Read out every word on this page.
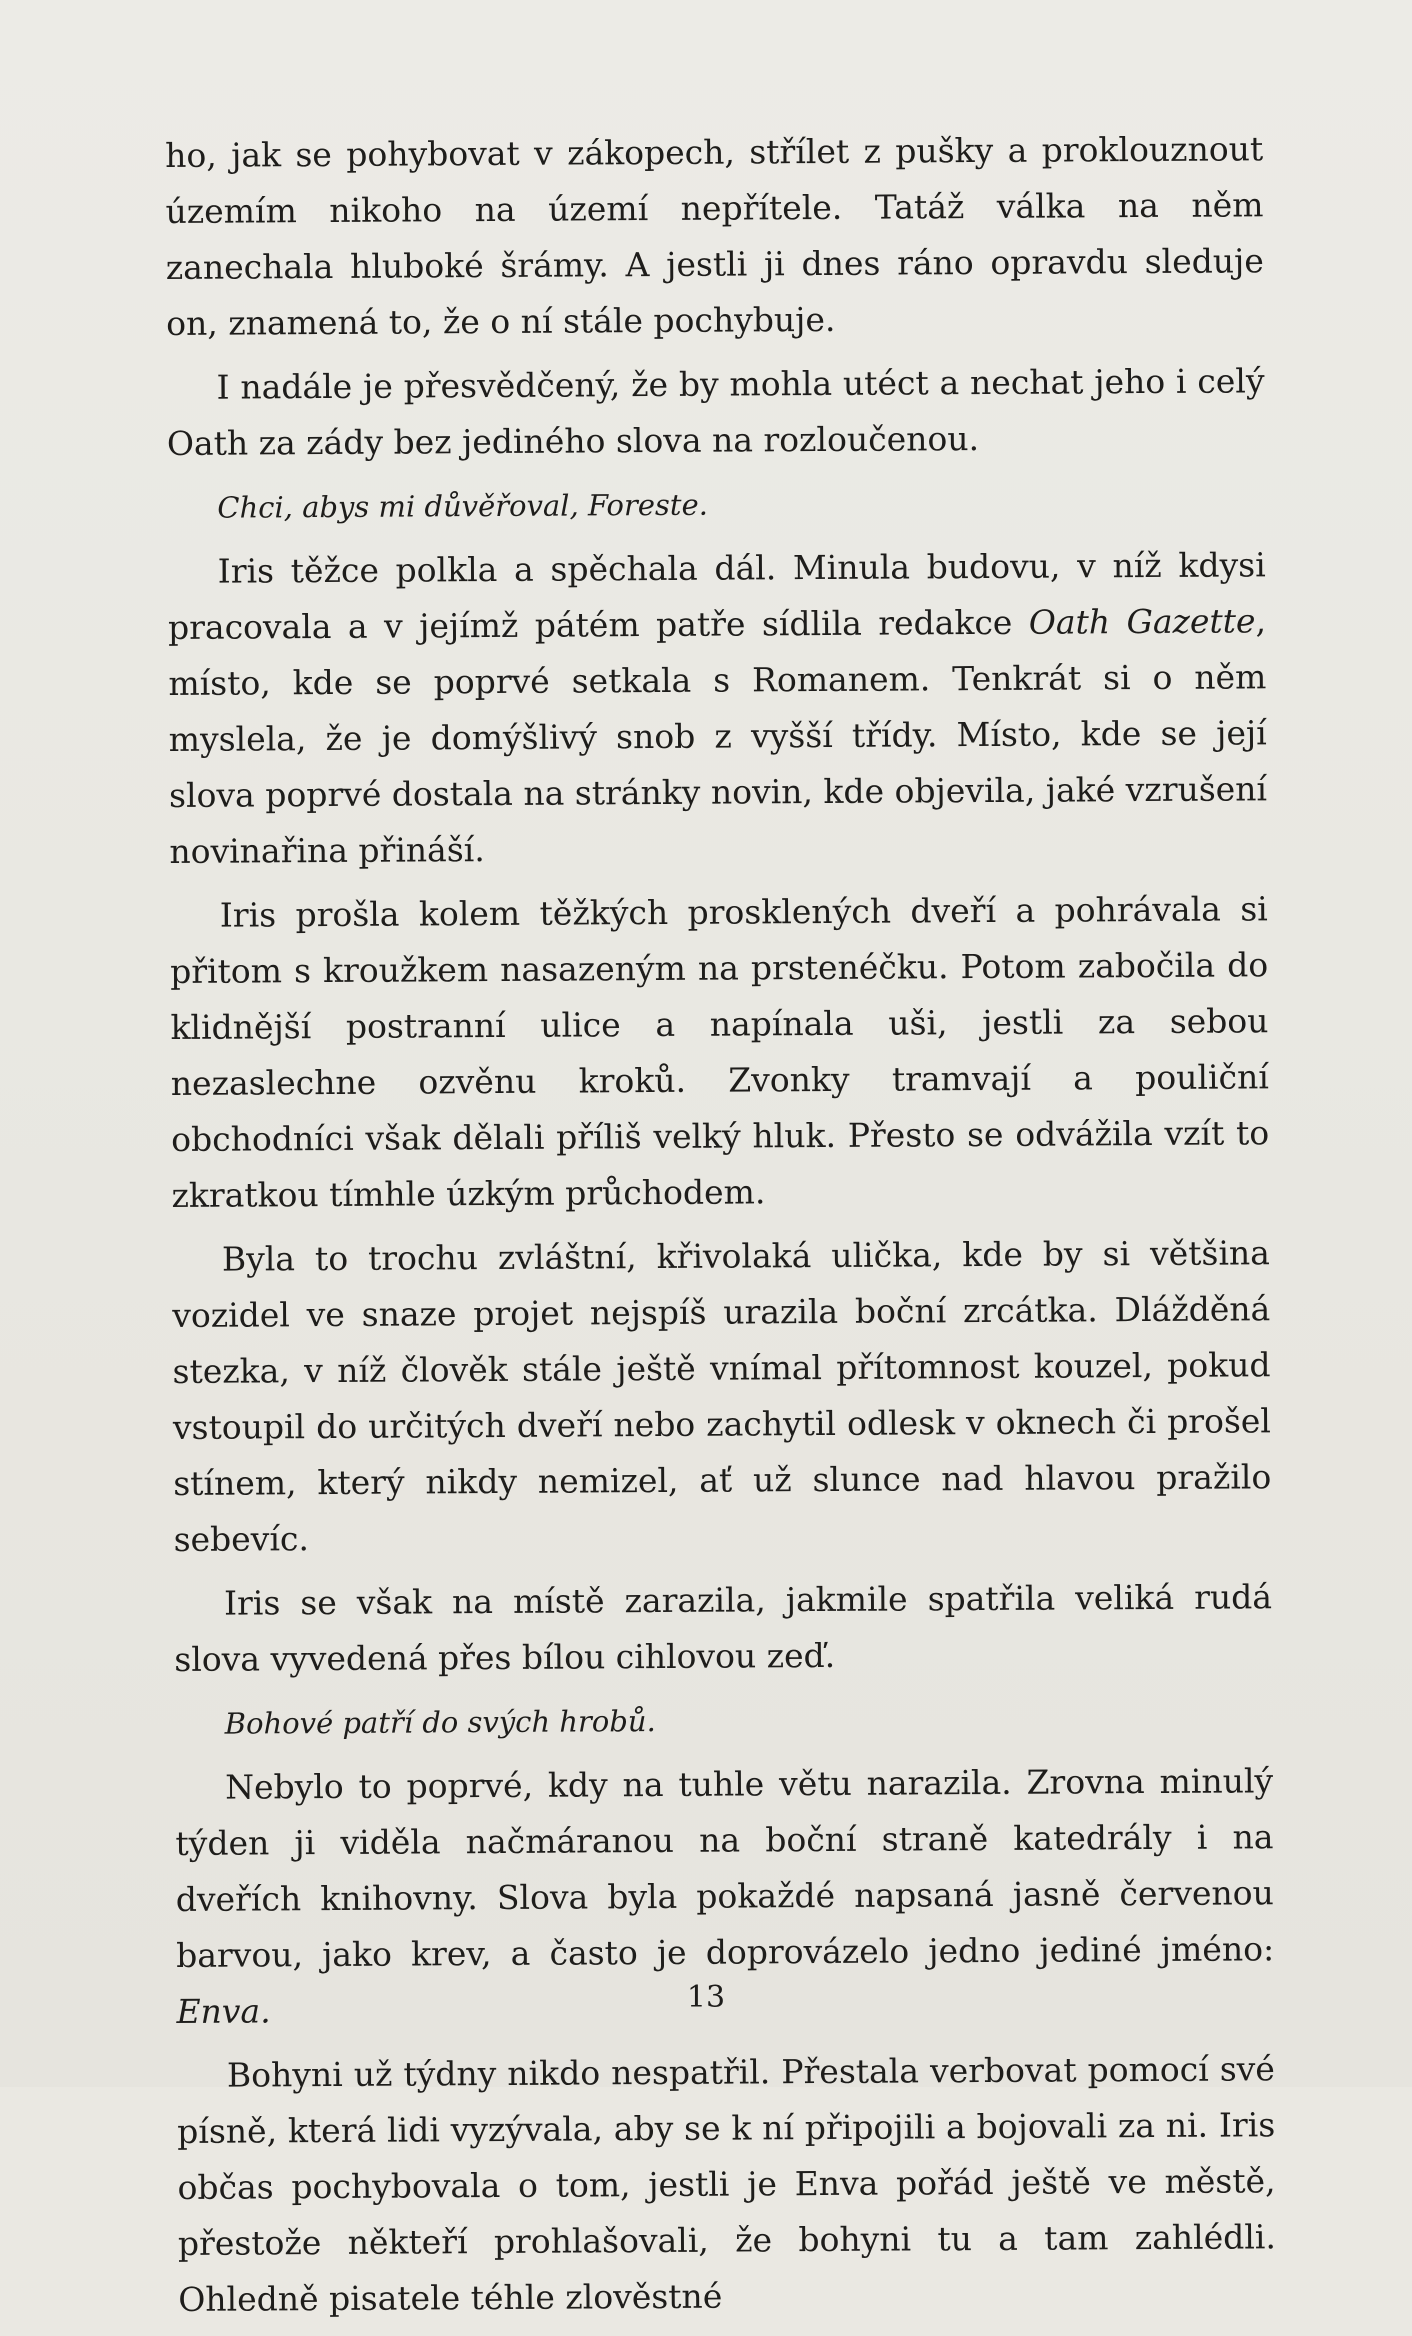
ho, jak se pohybovat v zákopech, střílet z pušky a proklouznout územím nikoho na území nepřítele. Tatáž válka na něm zanechala hluboké šrámy. A jestli ji dnes ráno opravdu sleduje on, znamená to, že o ní stále pochybuje.

I nadále je přesvědčený, že by mohla utéct a nechat jeho i celý Oath za zády bez jediného slova na rozloučenou.

Chci, abys mi důvěřoval, Foreste.

Iris těžce polkla a spěchala dál. Minula budovu, v níž kdysi pracovala a v jejímž pátém patře sídlila redakce Oath Gazette, místo, kde se poprvé setkala s Romanem. Tenkrát si o něm myslela, že je domýšlivý snob z vyšší třídy. Místo, kde se její slova poprvé dostala na stránky novin, kde objevila, jaké vzrušení novinařina přináší.

Iris prošla kolem těžkých prosklených dveří a pohrávala si přitom s kroužkem nasazeným na prstenéčku. Potom zabočila do klidnější postranní ulice a napínala uši, jestli za sebou nezaslechne ozvěnu kroků. Zvonky tramvají a pouliční obchodníci však dělali příliš velký hluk. Přesto se odvážila vzít to zkratkou tímhle úzkým průchodem.

Byla to trochu zvláštní, křivolaká ulička, kde by si většina vozidel ve snaze projet nejspíš urazila boční zrcátka. Dlážděná stezka, v níž člověk stále ještě vnímal přítomnost kouzel, pokud vstoupil do určitých dveří nebo zachytil odlesk v oknech či prošel stínem, který nikdy nemizel, ať už slunce nad hlavou pražilo sebevíc.

Iris se však na místě zarazila, jakmile spatřila veliká rudá slova vyvedená přes bílou cihlovou zeď.

Bohové patří do svých hrobů.

Nebylo to poprvé, kdy na tuhle větu narazila. Zrovna minulý týden ji viděla načmáranou na boční straně katedrály i na dveřích knihovny. Slova byla pokaždé napsaná jasně červenou barvou, jako krev, a často je doprovázelo jedno jediné jméno: Enva.

Bohyni už týdny nikdo nespatřil. Přestala verbovat pomocí své písně, která lidi vyzývala, aby se k ní připojili a bojovali za ni. Iris občas pochybovala o tom, jestli je Enva pořád ještě ve městě, přestože někteří prohlašovali, že bohyni tu a tam zahlédli. Ohledně pisatele téhle zlověstné

13
